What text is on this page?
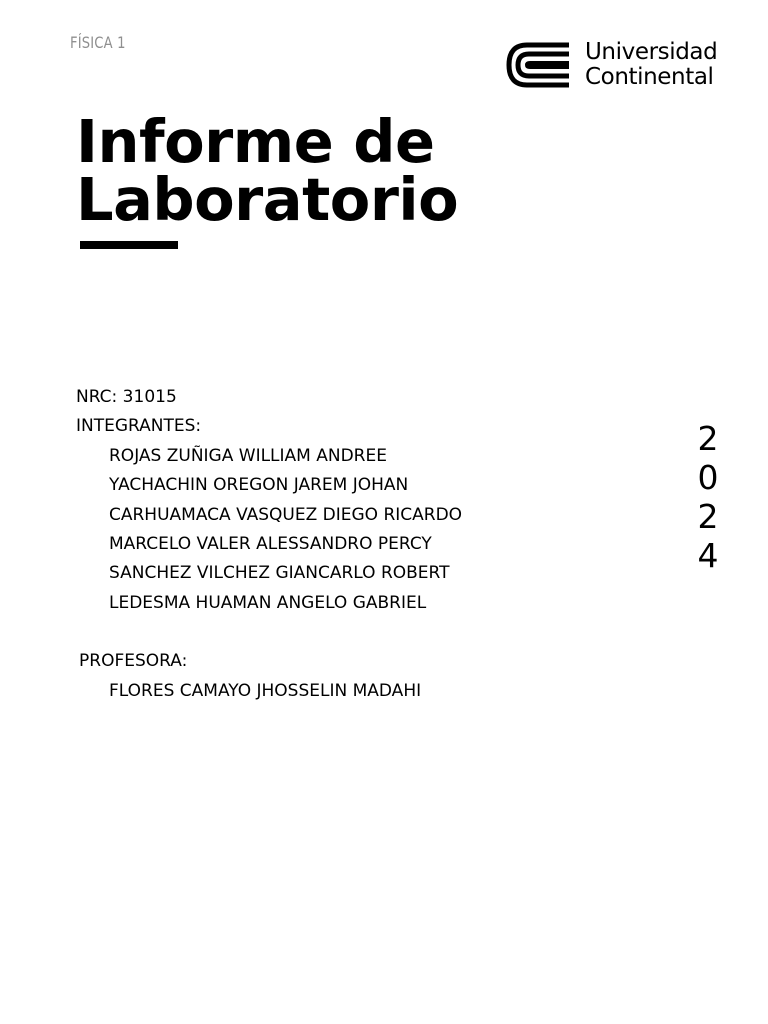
FÍSICA 1	Universidad
Continental
Informe de
Laboratorio
NRC: 31015
INTEGRANTES:
ROJAS ZUÑIGA WILLIAM ANDREE
YACHACHIN OREGON JAREM JOHAN
CARHUAMACA VASQUEZ DIEGO RICARDO
MARCELO VALER ALESSANDRO PERCY
SANCHEZ VILCHEZ GIANCARLO ROBERT
LEDESMA HUAMAN ANGELO GABRIEL
PROFESORA:
FLORES CAMAYO JHOSSELIN MADAHI
2
0
2
4
